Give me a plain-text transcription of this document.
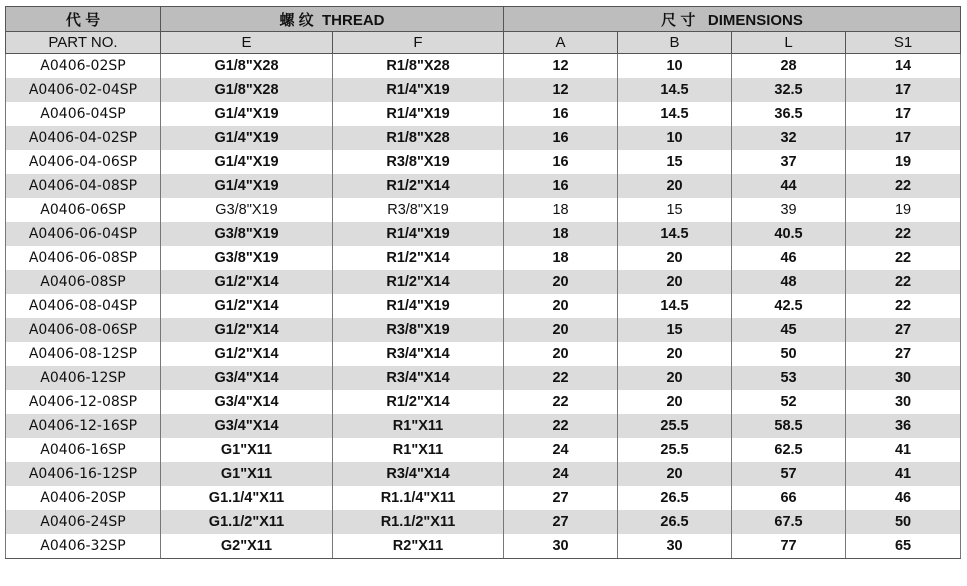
代 号	螺 纹 THREAD		尺 寸 DIMENSIONS			
PART NO.	E	F	A	B	L	S1
A0406-02SP	G1/8"X28	R1/8"X28	12	10	28	14
A0406-02-04SP	G1/8"X28	R1/4"X19	12	14.5	32.5	17
A0406-04SP	G1/4"X19	R1/4"X19	16	14.5	36.5	17
A0406-04-02SP	G1/4"X19	R1/8"X28	16	10	32	17
A0406-04-06SP	G1/4"X19	R3/8"X19	16	15	37	19
A0406-04-08SP	G1/4"X19	R1/2"X14	16	20	44	22
A0406-06SP	G3/8"X19	R3/8"X19	18	15	39	19
A0406-06-04SP	G3/8"X19	R1/4"X19	18	14.5	40.5	22
A0406-06-08SP	G3/8"X19	R1/2"X14	18	20	46	22
A0406-08SP	G1/2"X14	R1/2"X14	20	20	48	22
A0406-08-04SP	G1/2"X14	R1/4"X19	20	14.5	42.5	22
A0406-08-06SP	G1/2"X14	R3/8"X19	20	15	45	27
A0406-08-12SP	G1/2"X14	R3/4"X14	20	20	50	27
A0406-12SP	G3/4"X14	R3/4"X14	22	20	53	30
A0406-12-08SP	G3/4"X14	R1/2"X14	22	20	52	30
A0406-12-16SP	G3/4"X14	R1"X11	22	25.5	58.5	36
A0406-16SP	G1"X11	R1"X11	24	25.5	62.5	41
A0406-16-12SP	G1"X11	R3/4"X14	24	20	57	41
A0406-20SP	G1.1/4"X11	R1.1/4"X11	27	26.5	66	46
A0406-24SP	G1.1/2"X11	R1.1/2"X11	27	26.5	67.5	50
A0406-32SP	G2"X11	R2"X11	30	30	77	65
